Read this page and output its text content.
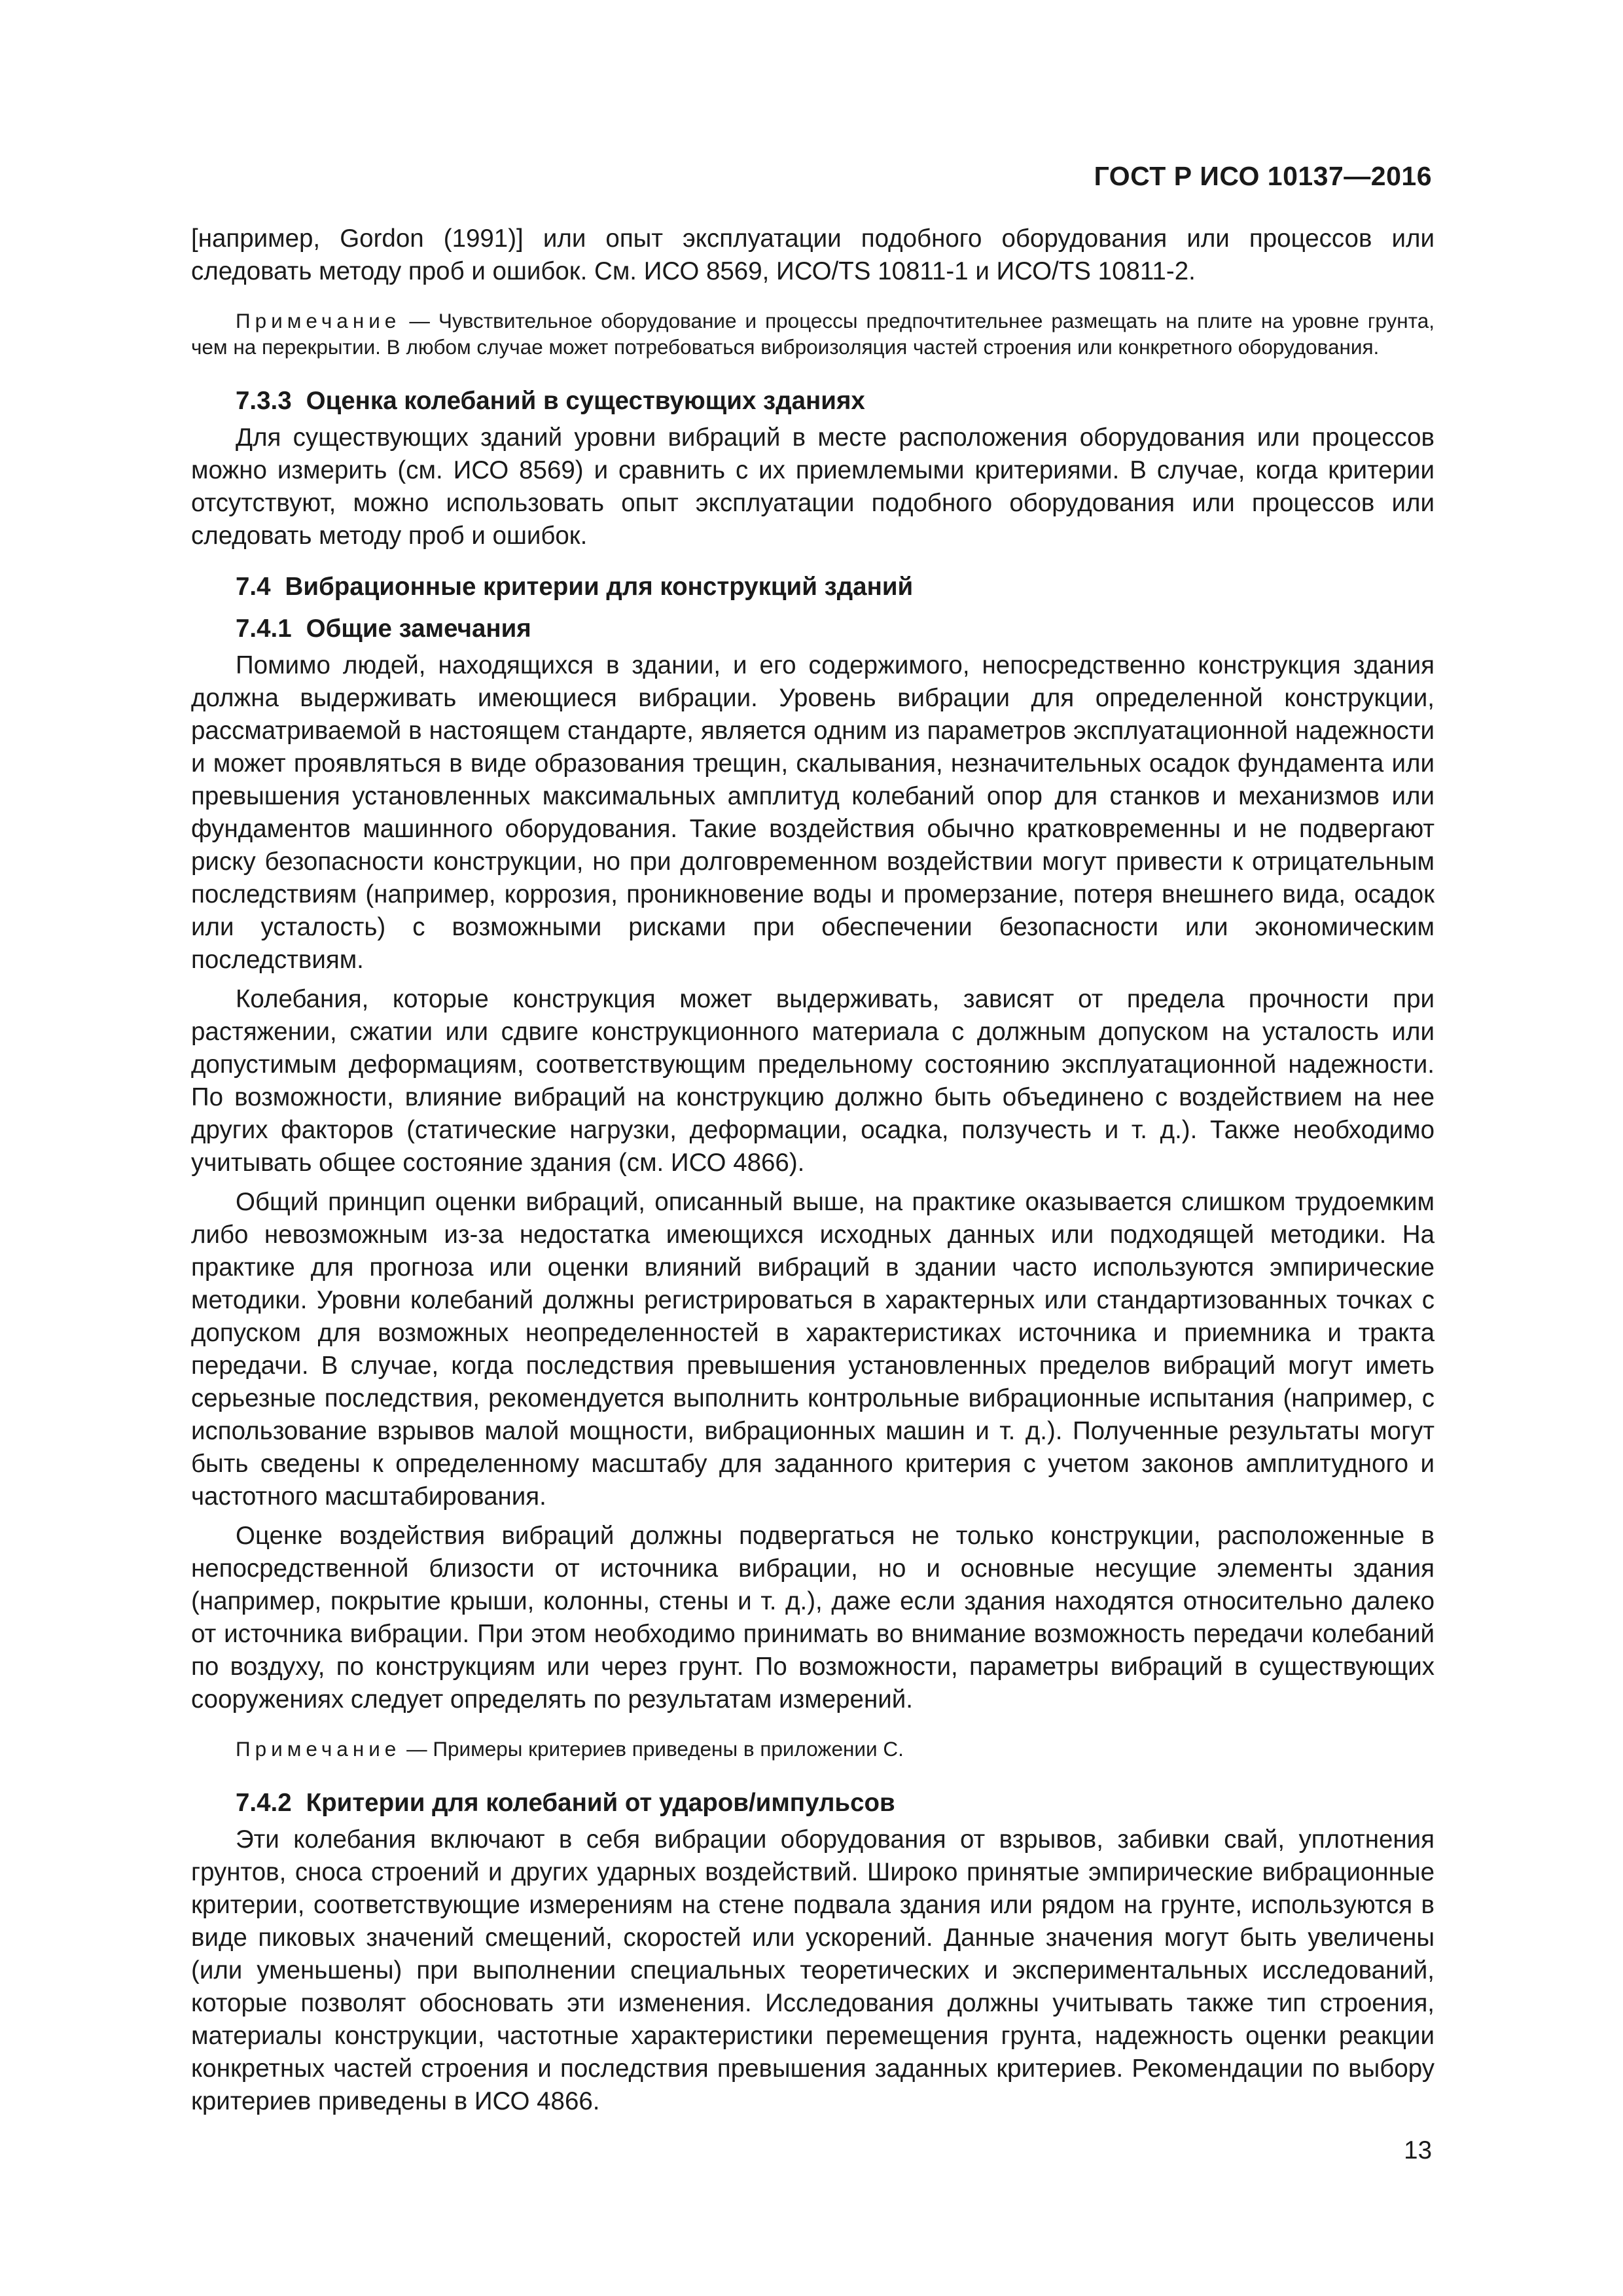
ГОСТ Р ИСО 10137—2016

[например, Gordon (1991)] или опыт эксплуатации подобного оборудования или процессов или следовать методу проб и ошибок. См. ИСО 8569, ИСО/TS 10811-1 и ИСО/TS 10811-2.

Примечание — Чувствительное оборудование и процессы предпочтительнее размещать на плите на уровне грунта, чем на перекрытии. В любом случае может потребоваться виброизоляция частей строения или конкретного оборудования.
7.3.3 Оценка колебаний в существующих зданиях

Для существующих зданий уровни вибраций в месте расположения оборудования или процессов можно измерить (см. ИСО 8569) и сравнить с их приемлемыми критериями. В случае, когда критерии отсутствуют, можно использовать опыт эксплуатации подобного оборудования или процессов или следовать методу проб и ошибок.

7.4 Вибрационные критерии для конструкций зданий
7.4.1 Общие замечания

Помимо людей, находящихся в здании, и его содержимого, непосредственно конструкция здания должна выдерживать имеющиеся вибрации. Уровень вибрации для определенной конструкции, рассматриваемой в настоящем стандарте, является одним из параметров эксплуатационной надежности и может проявляться в виде образования трещин, скалывания, незначительных осадок фундамента или превышения установленных максимальных амплитуд колебаний опор для станков и механизмов или фундаментов машинного оборудования. Такие воздействия обычно кратковременны и не подвергают риску безопасности конструкции, но при долговременном воздействии могут привести к отрицательным последствиям (например, коррозия, проникновение воды и промерзание, потеря внешнего вида, осадок или усталость) с возможными рисками при обеспечении безопасности или экономическим последствиям.

Колебания, которые конструкция может выдерживать, зависят от предела прочности при растяжении, сжатии или сдвиге конструкционного материала с должным допуском на усталость или допустимым деформациям, соответствующим предельному состоянию эксплуатационной надежности. По возможности, влияние вибраций на конструкцию должно быть объединено с воздействием на нее других факторов (статические нагрузки, деформации, осадка, ползучесть и т. д.). Также необходимо учитывать общее состояние здания (см. ИСО 4866).

Общий принцип оценки вибраций, описанный выше, на практике оказывается слишком трудоемким либо невозможным из-за недостатка имеющихся исходных данных или подходящей методики. На практике для прогноза или оценки влияний вибраций в здании часто используются эмпирические методики. Уровни колебаний должны регистрироваться в характерных или стандартизованных точках с допуском для возможных неопределенностей в характеристиках источника и приемника и тракта передачи. В случае, когда последствия превышения установленных пределов вибраций могут иметь серьезные последствия, рекомендуется выполнить контрольные вибрационные испытания (например, с использование взрывов малой мощности, вибрационных машин и т. д.). Полученные результаты могут быть сведены к определенному масштабу для заданного критерия с учетом законов амплитудного и частотного масштабирования.

Оценке воздействия вибраций должны подвергаться не только конструкции, расположенные в непосредственной близости от источника вибрации, но и основные несущие элементы здания (например, покрытие крыши, колонны, стены и т. д.), даже если здания находятся относительно далеко от источника вибрации. При этом необходимо принимать во внимание возможность передачи колебаний по воздуху, по конструкциям или через грунт. По возможности, параметры вибраций в существующих сооружениях следует определять по результатам измерений.

Примечание — Примеры критериев приведены в приложении С.
7.4.2 Критерии для колебаний от ударов/импульсов

Эти колебания включают в себя вибрации оборудования от взрывов, забивки свай, уплотнения грунтов, сноса строений и других ударных воздействий. Широко принятые эмпирические вибрационные критерии, соответствующие измерениям на стене подвала здания или рядом на грунте, используются в виде пиковых значений смещений, скоростей или ускорений. Данные значения могут быть увеличены (или уменьшены) при выполнении специальных теоретических и экспериментальных исследований, которые позволят обосновать эти изменения. Исследования должны учитывать также тип строения, материалы конструкции, частотные характеристики перемещения грунта, надежность оценки реакции конкретных частей строения и последствия превышения заданных критериев. Рекомендации по выбору критериев приведены в ИСО 4866.

13
